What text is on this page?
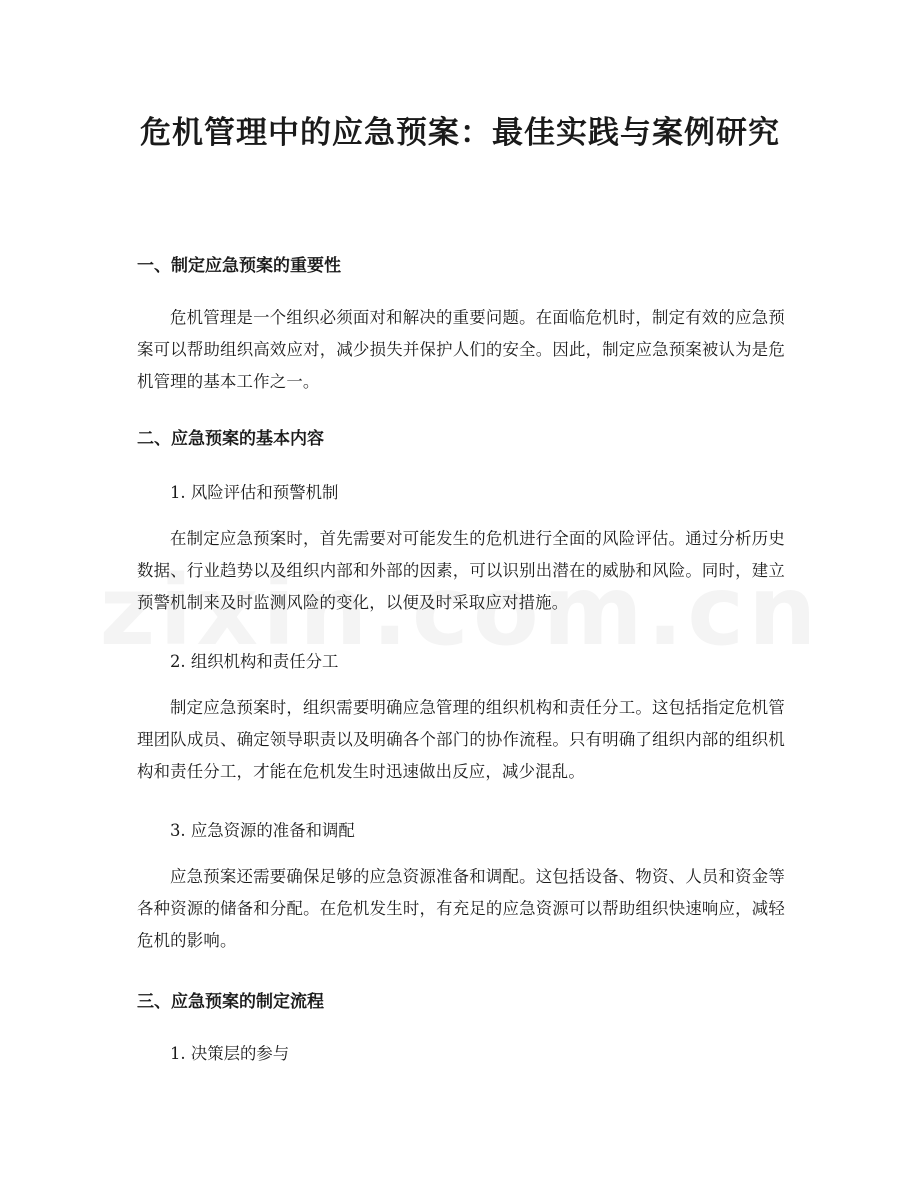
危机管理中的应急预案：最佳实践与案例研究
一、制定应急预案的重要性

危机管理是一个组织必须面对和解决的重要问题。在面临危机时，制定有效的应急预案可以帮助组织高效应对，减少损失并保护人们的安全。因此，制定应急预案被认为是危机管理的基本工作之一。

二、应急预案的基本内容

1. 风险评估和预警机制

在制定应急预案时，首先需要对可能发生的危机进行全面的风险评估。通过分析历史数据、行业趋势以及组织内部和外部的因素，可以识别出潜在的威胁和风险。同时，建立预警机制来及时监测风险的变化，以便及时采取应对措施。

2. 组织机构和责任分工

制定应急预案时，组织需要明确应急管理的组织机构和责任分工。这包括指定危机管理团队成员、确定领导职责以及明确各个部门的协作流程。只有明确了组织内部的组织机构和责任分工，才能在危机发生时迅速做出反应，减少混乱。

3. 应急资源的准备和调配

应急预案还需要确保足够的应急资源准备和调配。这包括设备、物资、人员和资金等各种资源的储备和分配。在危机发生时，有充足的应急资源可以帮助组织快速响应，减轻危机的影响。

三、应急预案的制定流程

1. 决策层的参与
